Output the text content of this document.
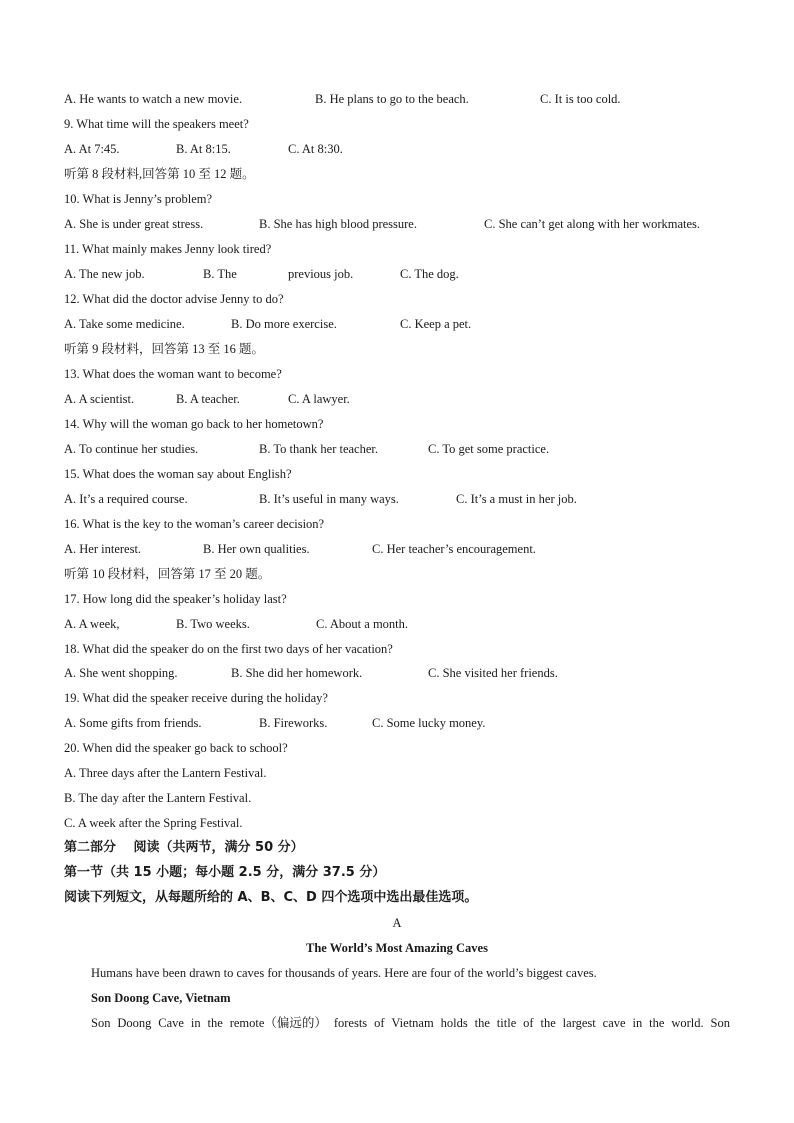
A. He wants to watch a new movie.	B. He plans to go to the beach.	C. It is too cold.
9. What time will the speakers meet?
A. At 7:45.	B. At 8:15.	C. At 8:30.
听第 8 段材料,回答第 10 至 12 题。
10. What is Jenny’s problem?
A. She is under great stress.	B. She has high blood pressure.	C. She can’t get along with her workmates.
11. What mainly makes Jenny look tired?
A. The new job.	B. The	previous job.	C. The dog.
12. What did the doctor advise Jenny to do?
A. Take some medicine.	B. Do more exercise.	C. Keep a pet.
听第 9 段材料，回答第 13 至 16 题。
13. What does the woman want to become?
A. A scientist.	B. A teacher.	C. A lawyer.
14. Why will the woman go back to her hometown?
A. To continue her studies.	B. To thank her teacher.	C. To get some practice.
15. What does the woman say about English?
A. It’s a required course.	B. It’s useful in many ways.	C. It’s a must in her job.
16. What is the key to the woman’s career decision?
A. Her interest.	B. Her own qualities.	C. Her teacher’s encouragement.
听第 10 段材料，回答第 17 至 20 题。
17. How long did the speaker’s holiday last?
A. A week,	B. Two weeks.	C. About a month.
18. What did the speaker do on the first two days of her vacation?
A. She went shopping.	B. She did her homework.	C. She visited her friends.
19. What did the speaker receive during the holiday?
A. Some gifts from friends.	B. Fireworks.	C. Some lucky money.
20. When did the speaker go back to school?
A. Three days after the Lantern Festival.
B. The day after the Lantern Festival.
C. A week after the Spring Festival.
第二部分　 阅读（共两节，满分 50 分）
第一节（共 15 小题；每小题 2.5 分，满分 37.5 分）
阅读下列短文，从每题所给的 A、B、C、D 四个选项中选出最佳选项。
A
The World’s Most Amazing Caves
Humans have been drawn to caves for thousands of years. Here are four of the world’s biggest caves.
Son Doong Cave, Vietnam
Son Doong Cave in the remote（偏远的） forests of Vietnam holds the title of the largest cave in the world. Son
